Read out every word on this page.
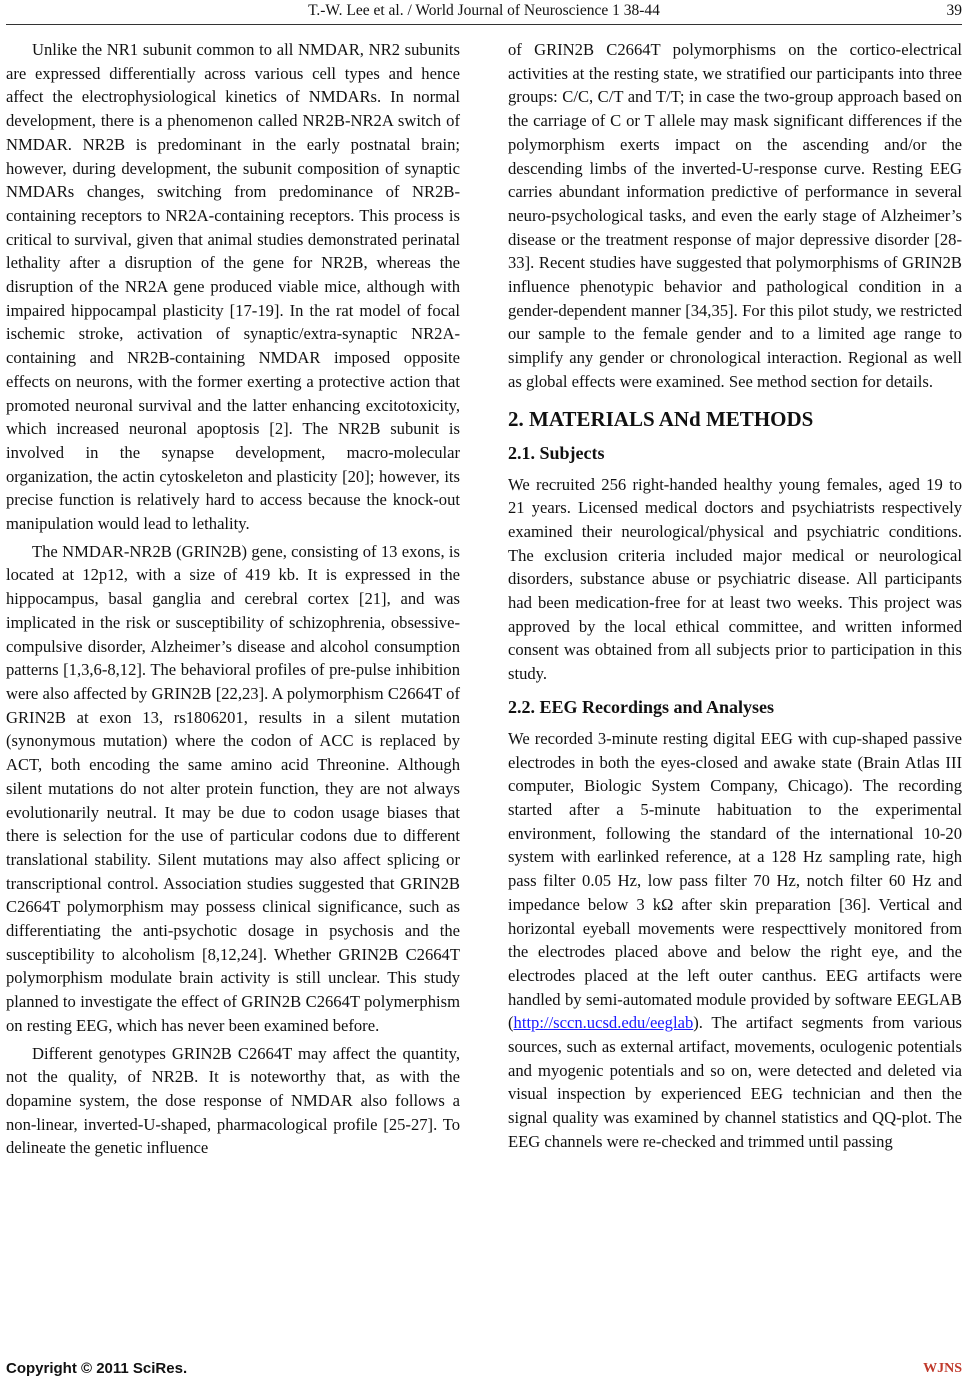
T.-W. Lee et al. / World Journal of Neuroscience 1 38-44	39

Unlike the NR1 subunit common to all NMDAR, NR2 subunits are expressed differentially across various cell types and hence affect the electrophysiological kinetics of NMDARs. In normal development, there is a phenomenon called NR2B-NR2A switch of NMDAR. NR2B is predominant in the early postnatal brain; however, during development, the subunit composition of synaptic NMDARs changes, switching from predominance of NR2B-containing receptors to NR2A-containing receptors. This process is critical to survival, given that animal studies demonstrated perinatal lethality after a disruption of the gene for NR2B, whereas the disruption of the NR2A gene produced viable mice, although with impaired hippocampal plasticity [17-19]. In the rat model of focal ischemic stroke, activation of synaptic/extra-synaptic NR2A-containing and NR2B-containing NMDAR imposed opposite effects on neurons, with the former exerting a protective action that promoted neuronal survival and the latter enhancing excitotoxicity, which increased neuronal apoptosis [2]. The NR2B subunit is involved in the synapse development, macro-molecular organization, the actin cytoskeleton and plasticity [20]; however, its precise function is relatively hard to access because the knock-out manipulation would lead to lethality.

The NMDAR-NR2B (GRIN2B) gene, consisting of 13 exons, is located at 12p12, with a size of 419 kb. It is expressed in the hippocampus, basal ganglia and cerebral cortex [21], and was implicated in the risk or susceptibility of schizophrenia, obsessive-compulsive disorder, Alzheimer’s disease and alcohol consumption patterns [1,3,6-8,12]. The behavioral profiles of pre-pulse inhibition were also affected by GRIN2B [22,23]. A polymorphism C2664T of GRIN2B at exon 13, rs1806201, results in a silent mutation (synonymous mutation) where the codon of ACC is replaced by ACT, both encoding the same amino acid Threonine. Although silent mutations do not alter protein function, they are not always evolutionarily neutral. It may be due to codon usage biases that there is selection for the use of particular codons due to different translational stability. Silent mutations may also affect splicing or transcriptional control. Association studies suggested that GRIN2B C2664T polymorphism may possess clinical significance, such as differentiating the anti-psychotic dosage in psychosis and the susceptibility to alcoholism [8,12,24]. Whether GRIN2B C2664T polymorphism modulate brain activity is still unclear. This study planned to investigate the effect of GRIN2B C2664T polymerphism on resting EEG, which has never been examined before.

Different genotypes GRIN2B C2664T may affect the quantity, not the quality, of NR2B. It is noteworthy that, as with the dopamine system, the dose response of NMDAR also follows a non-linear, inverted-U-shaped, pharmacological profile [25-27]. To delineate the genetic influence

of GRIN2B C2664T polymorphisms on the cortico-electrical activities at the resting state, we stratified our participants into three groups: C/C, C/T and T/T; in case the two-group approach based on the carriage of C or T allele may mask significant differences if the polymorphism exerts impact on the ascending and/or the descending limbs of the inverted-U-response curve. Resting EEG carries abundant information predictive of performance in several neuro-psychological tasks, and even the early stage of Alzheimer’s disease or the treatment response of major depressive disorder [28-33]. Recent studies have suggested that polymorphisms of GRIN2B influence phenotypic behavior and pathological condition in a gender-dependent manner [34,35]. For this pilot study, we restricted our sample to the female gender and to a limited age range to simplify any gender or chronological interaction. Regional as well as global effects were examined. See method section for details.

2. MATERIALS ANd METHODS
2.1. Subjects

We recruited 256 right-handed healthy young females, aged 19 to 21 years. Licensed medical doctors and psychiatrists respectively examined their neurological/physical and psychiatric conditions. The exclusion criteria included major medical or neurological disorders, substance abuse or psychiatric disease. All participants had been medication-free for at least two weeks. This project was approved by the local ethical committee, and written informed consent was obtained from all subjects prior to participation in this study.

2.2. EEG Recordings and Analyses

We recorded 3-minute resting digital EEG with cup-shaped passive electrodes in both the eyes-closed and awake state (Brain Atlas III computer, Biologic System Company, Chicago). The recording started after a 5-minute habituation to the experimental environment, following the standard of the international 10-20 system with earlinked reference, at a 128 Hz sampling rate, high pass filter 0.05 Hz, low pass filter 70 Hz, notch filter 60 Hz and impedance below 3 kΩ after skin preparation [36]. Vertical and horizontal eyeball movements were respecttively monitored from the electrodes placed above and below the right eye, and the electrodes placed at the left outer canthus. EEG artifacts were handled by semi-automated module provided by software EEGLAB (http://sccn.ucsd.edu/eeglab). The artifact segments from various sources, such as external artifact, movements, oculogenic potentials and myogenic potentials and so on, were detected and deleted via visual inspection by experienced EEG technician and then the signal quality was examined by channel statistics and QQ-plot. The EEG channels were re-checked and trimmed until passing

Copyright © 2011 SciRes.	WJNS
